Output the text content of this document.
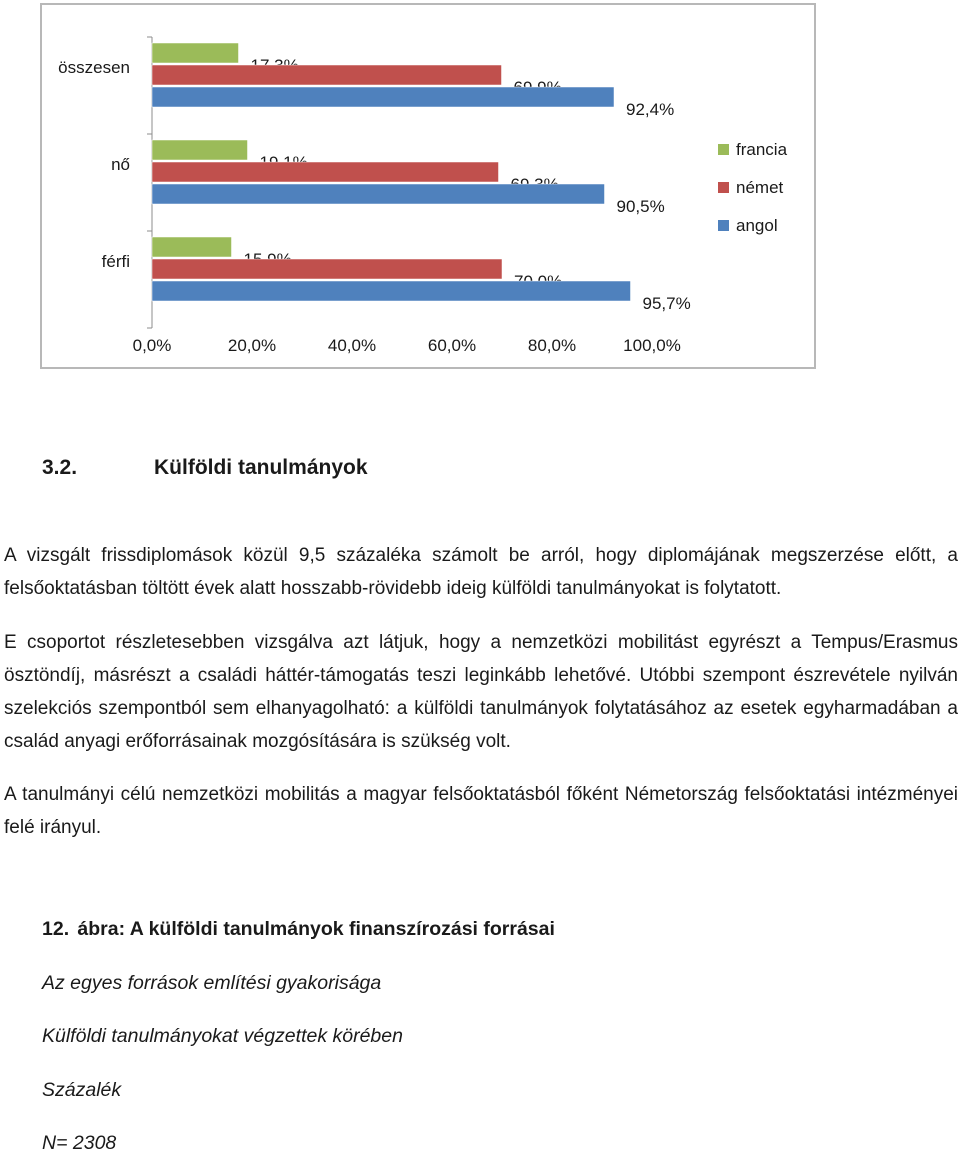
összesen
92,4%
nő
90,5%
férfi
95,7%
0,0%	20,0%	40,0%	60,0%	80,0%	100,0%
francia
német
angol
3.2.	Külföldi tanulmányok

A vizsgált frissdiplomások közül 9,5 százaléka számolt be arról, hogy diplomájának megszerzése előtt, a felsőoktatásban töltött évek alatt hosszabb-rövidebb ideig külföldi tanulmányokat is folytatott.

E csoportot részletesebben vizsgálva azt látjuk, hogy a nemzetközi mobilitást egyrészt a Tempus/Erasmus ösztöndíj, másrészt a családi háttér-támogatás teszi leginkább lehetővé. Utóbbi szempont észrevétele nyilván szelekciós szempontból sem elhanyagolható: a külföldi tanulmányok folytatásához az esetek egyharmadában a család anyagi erőforrásainak mozgósítására is szükség volt.

A tanulmányi célú nemzetközi mobilitás a magyar felsőoktatásból főként Németország felsőoktatási intézményei felé irányul.

12. ábra: A külföldi tanulmányok finanszírozási forrásai

Az egyes források említési gyakorisága

Külföldi tanulmányokat végzettek körében

Százalék

N= 2308
